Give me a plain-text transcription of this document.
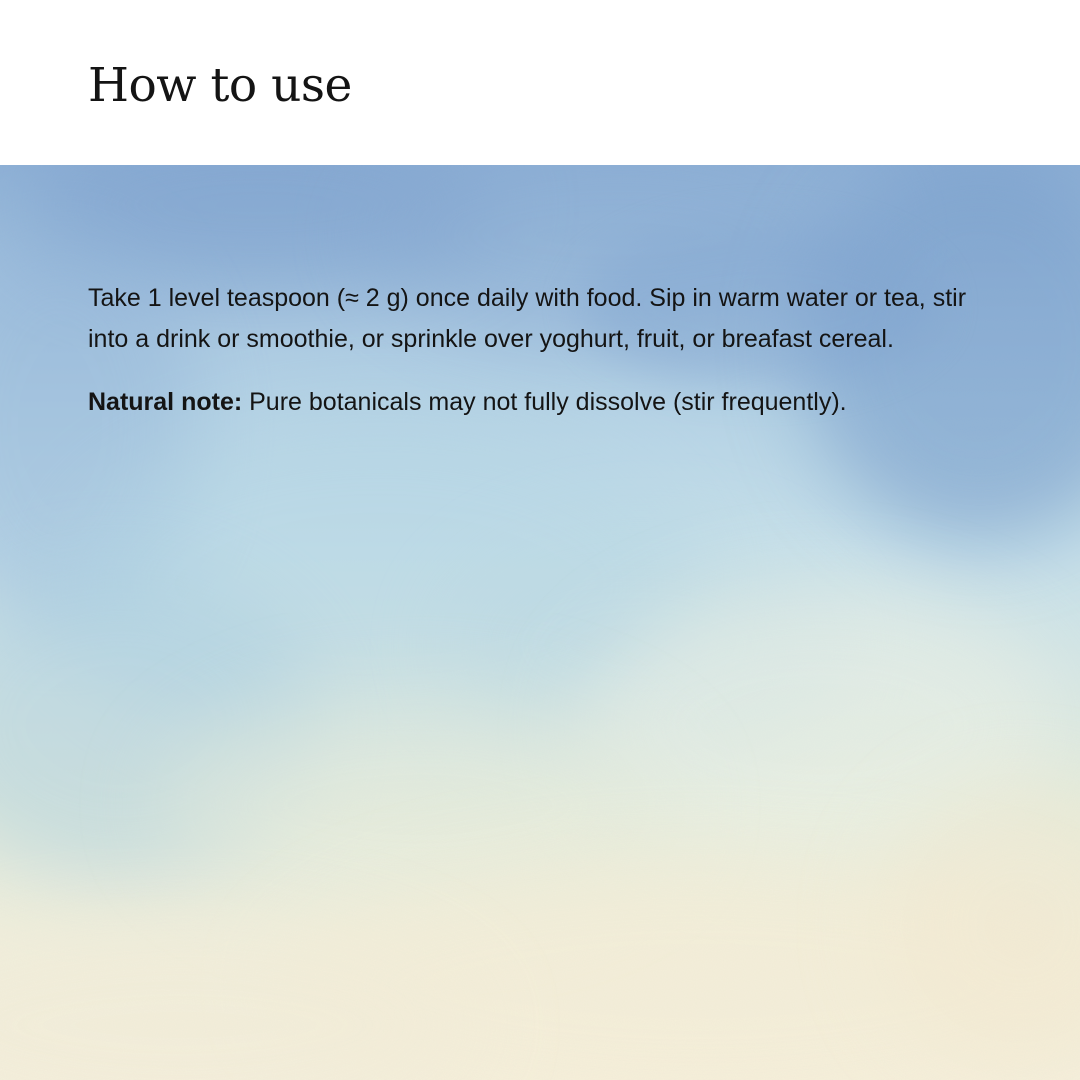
How to use

Take 1 level teaspoon (≈ 2 g) once daily with food. Sip in warm water or tea, stir into a drink or smoothie, or sprinkle over yoghurt, fruit, or breafast cereal.

Natural note: Pure botanicals may not fully dissolve (stir frequently).
